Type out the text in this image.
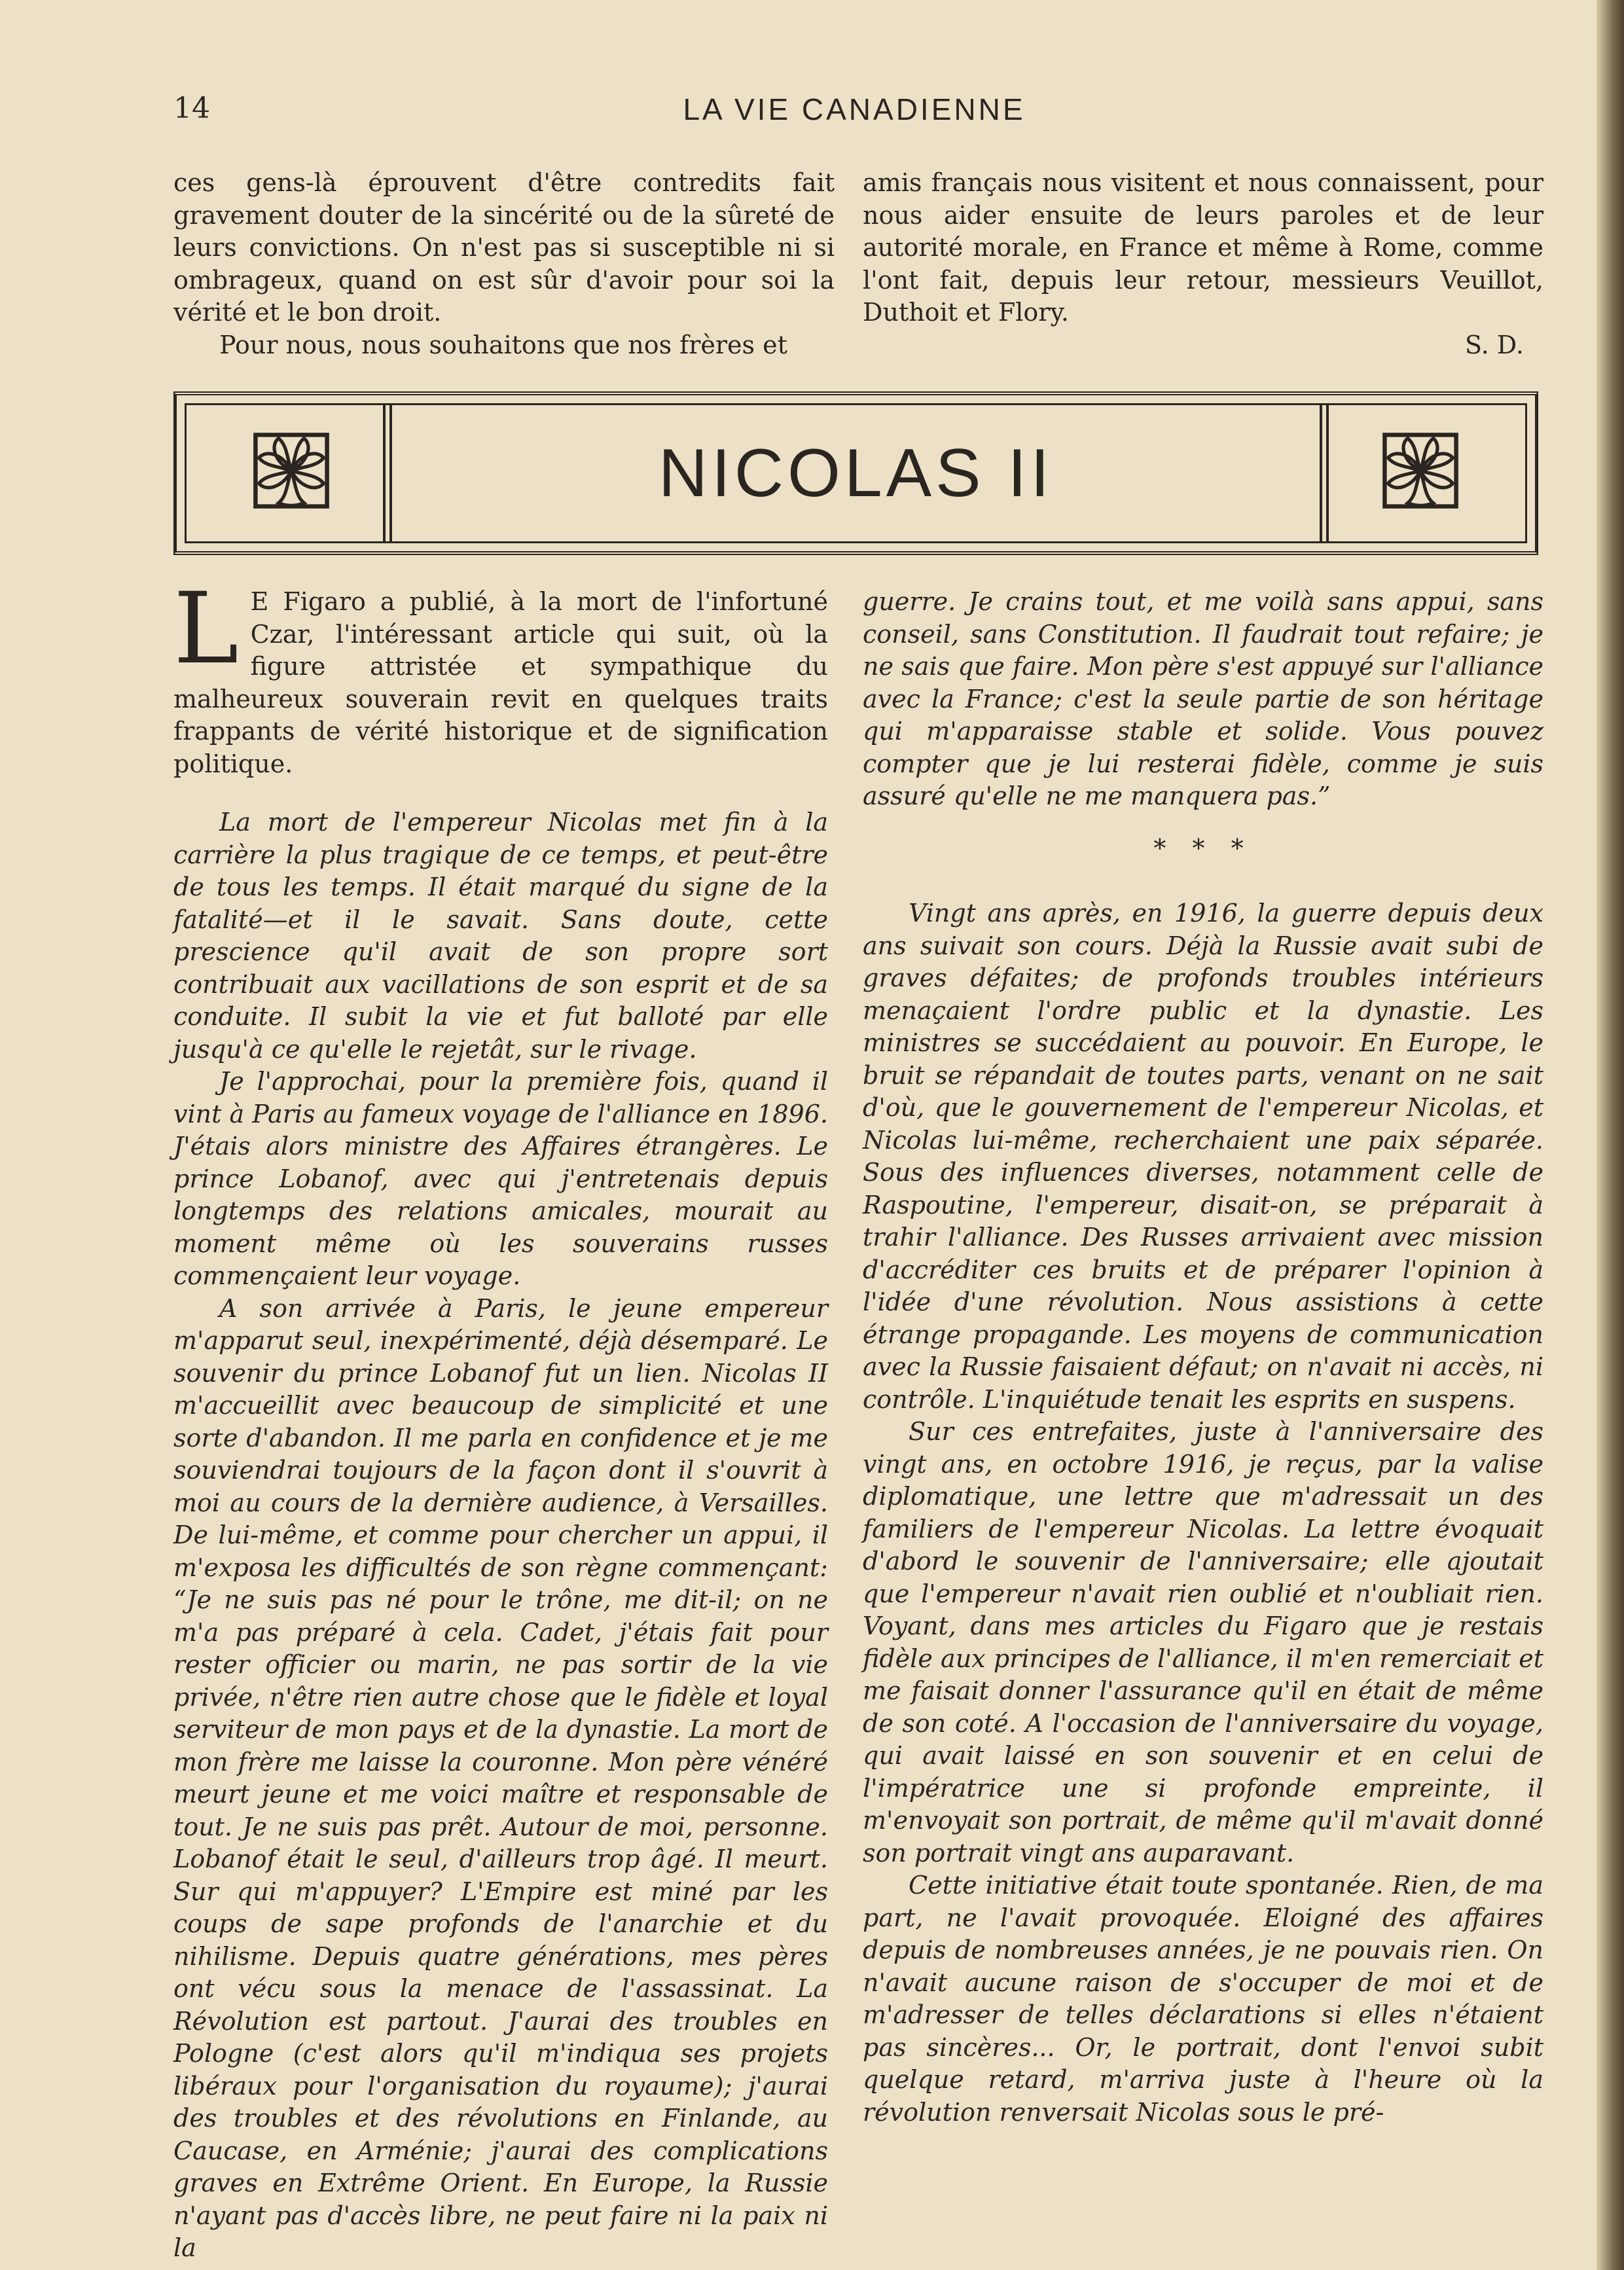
14	LA VIE CANADIENNE

ces gens-là éprouvent d'être contredits fait gravement douter de la sincérité ou de la sûreté de leurs convictions. On n'est pas si susceptible ni si ombrageux, quand on est sûr d'avoir pour soi la vérité et le bon droit.

Pour nous, nous souhaitons que nos frères et

amis français nous visitent et nous connaissent, pour nous aider ensuite de leurs paroles et de leur autorité morale, en France et même à Rome, comme l'ont fait, depuis leur retour, messieurs Veuillot, Duthoit et Flory.

S. D.

NICOLAS II

L E Figaro a publié, à la mort de l'infortuné Czar, l'intéressant article qui suit, où la figure attristée et sympathique du malheureux souverain revit en quelques traits frappants de vérité historique et de signification politique.

La mort de l'empereur Nicolas met fin à la carrière la plus tragique de ce temps, et peut-être de tous les temps. Il était marqué du signe de la fatalité—et il le savait. Sans doute, cette prescience qu'il avait de son propre sort contribuait aux vacillations de son esprit et de sa conduite. Il subit la vie et fut balloté par elle jusqu'à ce qu'elle le rejetât, sur le rivage.

Je l'approchai, pour la première fois, quand il vint à Paris au fameux voyage de l'alliance en 1896. J'étais alors ministre des Affaires étrangères. Le prince Lobanof, avec qui j'entretenais depuis longtemps des relations amicales, mourait au moment même où les souverains russes commençaient leur voyage.

A son arrivée à Paris, le jeune empereur m'apparut seul, inexpérimenté, déjà désemparé. Le souvenir du prince Lobanof fut un lien. Nicolas II m'accueillit avec beaucoup de simplicité et une sorte d'abandon. Il me parla en confidence et je me souviendrai toujours de la façon dont il s'ouvrit à moi au cours de la dernière audience, à Versailles. De lui-même, et comme pour chercher un appui, il m'exposa les difficultés de son règne commençant: “Je ne suis pas né pour le trône, me dit-il; on ne m'a pas préparé à cela. Cadet, j'étais fait pour rester officier ou marin, ne pas sortir de la vie privée, n'être rien autre chose que le fidèle et loyal serviteur de mon pays et de la dynastie. La mort de mon frère me laisse la couronne. Mon père vénéré meurt jeune et me voici maître et responsable de tout. Je ne suis pas prêt. Autour de moi, personne. Lobanof était le seul, d'ailleurs trop âgé. Il meurt. Sur qui m'appuyer? L'Empire est miné par les coups de sape profonds de l'anarchie et du nihilisme. Depuis quatre générations, mes pères ont vécu sous la menace de l'assassinat. La Révolution est partout. J'aurai des troubles en Pologne (c'est alors qu'il m'indiqua ses projets libéraux pour l'organisation du royaume); j'aurai des troubles et des révolutions en Finlande, au Caucase, en Arménie; j'aurai des complications graves en Extrême Orient. En Europe, la Russie n'ayant pas d'accès libre, ne peut faire ni la paix ni la

guerre. Je crains tout, et me voilà sans appui, sans conseil, sans Constitution. Il faudrait tout refaire; je ne sais que faire. Mon père s'est appuyé sur l'alliance avec la France; c'est la seule partie de son héritage qui m'apparaisse stable et solide. Vous pouvez compter que je lui resterai fidèle, comme je suis assuré qu'elle ne me manquera pas.”

* * *

Vingt ans après, en 1916, la guerre depuis deux ans suivait son cours. Déjà la Russie avait subi de graves défaites; de profonds troubles intérieurs menaçaient l'ordre public et la dynastie. Les ministres se succédaient au pouvoir. En Europe, le bruit se répandait de toutes parts, venant on ne sait d'où, que le gouvernement de l'empereur Nicolas, et Nicolas lui-même, recherchaient une paix séparée. Sous des influences diverses, notamment celle de Raspoutine, l'empereur, disait-on, se préparait à trahir l'alliance. Des Russes arrivaient avec mission d'accréditer ces bruits et de préparer l'opinion à l'idée d'une révolution. Nous assistions à cette étrange propagande. Les moyens de communication avec la Russie faisaient défaut; on n'avait ni accès, ni contrôle. L'inquiétude tenait les esprits en suspens.

Sur ces entrefaites, juste à l'anniversaire des vingt ans, en octobre 1916, je reçus, par la valise diplomatique, une lettre que m'adressait un des familiers de l'empereur Nicolas. La lettre évoquait d'abord le souvenir de l'anniversaire; elle ajoutait que l'empereur n'avait rien oublié et n'oubliait rien. Voyant, dans mes articles du Figaro que je restais fidèle aux principes de l'alliance, il m'en remerciait et me faisait donner l'assurance qu'il en était de même de son coté. A l'occasion de l'anniversaire du voyage, qui avait laissé en son souvenir et en celui de l'impératrice une si profonde empreinte, il m'envoyait son portrait, de même qu'il m'avait donné son portrait vingt ans auparavant.

Cette initiative était toute spontanée. Rien, de ma part, ne l'avait provoquée. Eloigné des affaires depuis de nombreuses années, je ne pouvais rien. On n'avait aucune raison de s'occuper de moi et de m'adresser de telles déclarations si elles n'étaient pas sincères... Or, le portrait, dont l'envoi subit quelque retard, m'arriva juste à l'heure où la révolution renversait Nicolas sous le pré-
